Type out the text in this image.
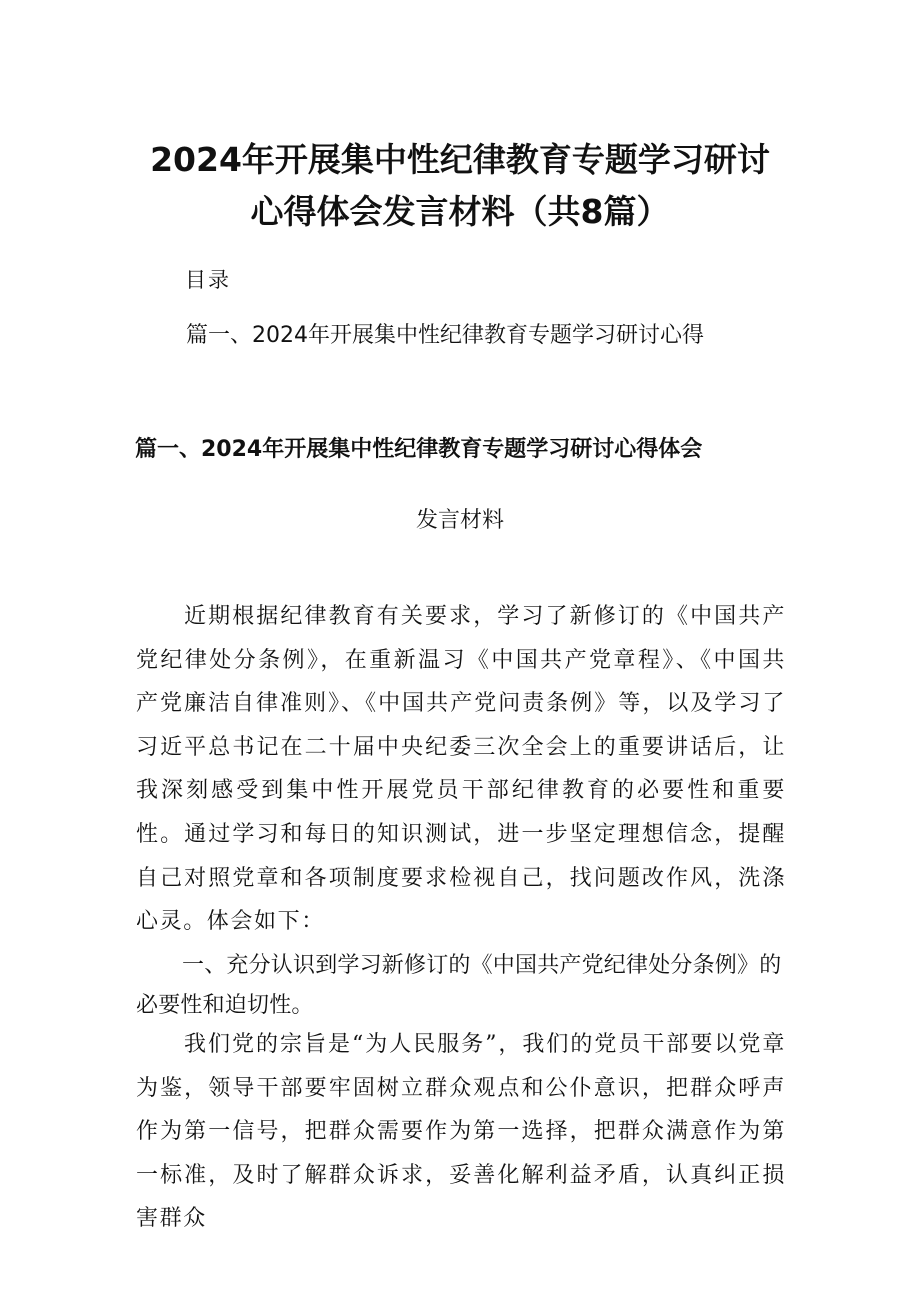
2024年开展集中性纪律教育专题学习研讨
心得体会发言材料（共8篇）
目录
篇一、2024年开展集中性纪律教育专题学习研讨心得
篇一、2024年开展集中性纪律教育专题学习研讨心得体会
发言材料
近期根据纪律教育有关要求，学习了新修订的《中国共产党纪律处分条例》，在重新温习《中国共产党章程》、《中国共产党廉洁自律准则》、《中国共产党问责条例》等，以及学习了习近平总书记在二十届中央纪委三次全会上的重要讲话后，让我深刻感受到集中性开展党员干部纪律教育的必要性和重要性。通过学习和每日的知识测试，进一步坚定理想信念，提醒自己对照党章和各项制度要求检视自己，找问题改作风，洗涤心灵。体会如下：
一、充分认识到学习新修订的《中国共产党纪律处分条例》的必要性和迫切性。
我们党的宗旨是“为人民服务”，我们的党员干部要以党章为鉴，领导干部要牢固树立群众观点和公仆意识，把群众呼声作为第一信号，把群众需要作为第一选择，把群众满意作为第一标准，及时了解群众诉求，妥善化解利益矛盾，认真纠正损害群众
